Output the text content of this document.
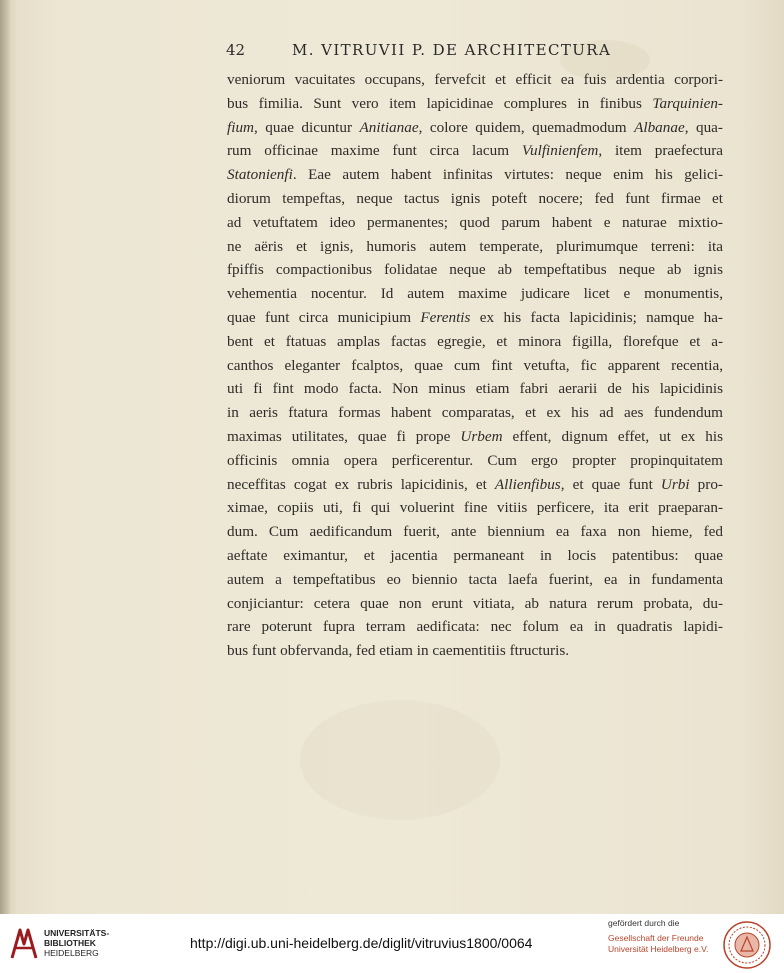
42	M. VITRUVII P. DE ARCHITECTURA
veniorum vacuitates occupans, fervefcit et efficit ea fuis ardentia corpori-
bus fimilia. Sunt vero item lapicidinae complures in finibus Tarquinien-
fium, quae dicuntur Anitianae, colore quidem, quemadmodum Albanae, qua-
rum officinae maxime funt circa lacum Vulfinienfem, item praefectura
Statonienfi. Eae autem habent infinitas virtutes: neque enim his gelici-
diorum tempeftas, neque tactus ignis poteft nocere; fed funt firmae et
ad vetuftatem ideo permanentes; quod parum habent e naturae mixtio-
ne aëris et ignis, humoris autem temperate, plurimumque terreni: ita
fpiffis compactionibus folidatae neque ab tempeftatibus neque ab ignis
vehementia nocentur. Id autem maxime judicare licet e monumentis,
quae funt circa municipium Ferentis ex his facta lapicidinis; namque ha-
bent et ftatuas amplas factas egregie, et minora figilla, florefque et a-
canthos eleganter fcalptos, quae cum fint vetufta, fic apparent recentia,
uti fi fint modo facta. Non minus etiam fabri aerarii de his lapicidinis
in aeris ftatura formas habent comparatas, et ex his ad aes fundendum
maximas utilitates, quae fi prope Urbem effent, dignum effet, ut ex his
officinis omnia opera perficerentur. Cum ergo propter propinquitatem
neceffitas cogat ex rubris lapicidinis, et Allienfibus, et quae funt Urbi pro-
ximae, copiis uti, fi qui voluerint fine vitiis perficere, ita erit praeparan-
dum. Cum aedificandum fuerit, ante biennium ea faxa non hieme, fed
aeftate eximantur, et jacentia permaneant in locis patentibus: quae
autem a tempeftatibus eo biennio tacta laefa fuerint, ea in fundamenta
conjiciantur: cetera quae non erunt vitiata, ab natura rerum probata, du-
rare poterunt fupra terram aedificata: nec folum ea in quadratis lapidi-
bus funt obfervanda, fed etiam in caementitiis ftructuris.
UNIVERSITÄTS-
BIBLIOTHEK
HEIDELBERG
http://digi.ub.uni-heidelberg.de/diglit/vitruvius1800/0064
gefördert durch die
Gesellschaft der Freunde
Universität Heidelberg e.V.
